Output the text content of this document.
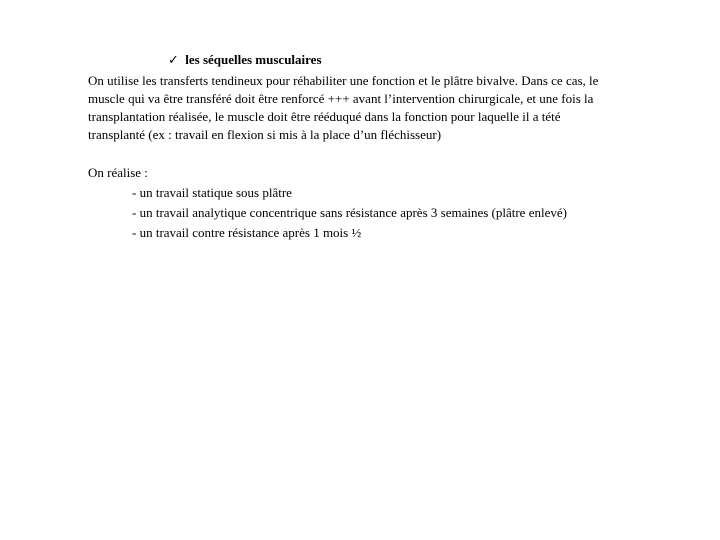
✓ les séquelles musculaires
On utilise les transferts tendineux pour réhabiliter une fonction et le plâtre bivalve. Dans ce cas, le
muscle qui va être transféré doit être renforcé +++ avant l’intervention chirurgicale, et une fois la
transplantation réalisée, le muscle doit être rééduqué dans la fonction pour laquelle il a tété
transplanté (ex : travail en flexion si mis à la place d’un fléchisseur)
On réalise :
- un travail statique sous plâtre
- un travail analytique concentrique sans résistance après 3 semaines (plâtre enlevé)
- un travail contre résistance après 1 mois ½
